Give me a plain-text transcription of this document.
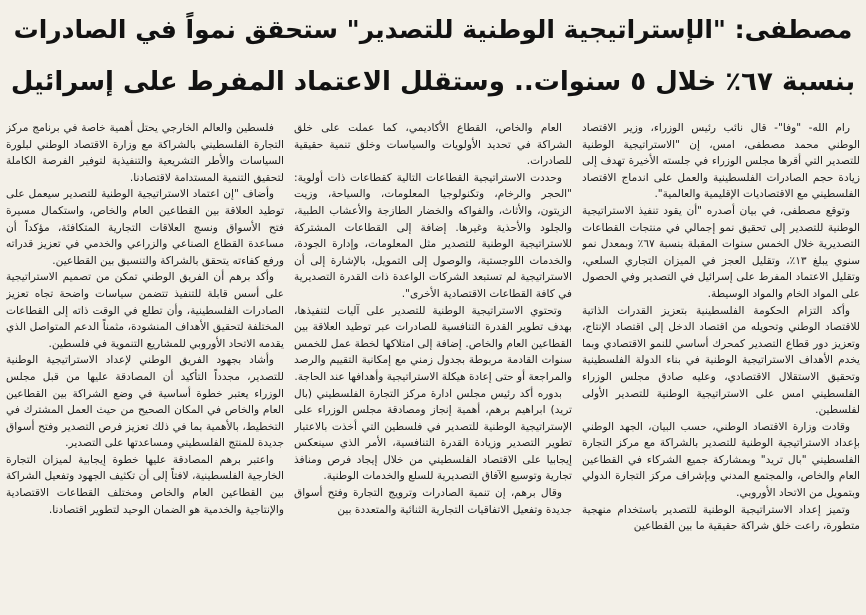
مصطفى: "الإستراتيجية الوطنية للتصدير" ستحقق نمواً في الصادرات
بنسبة ٦٧٪ خلال ٥ سنوات.. وستقلل الاعتماد المفرط على إسرائيل

رام الله- "وفا"- قال نائب رئيس الوزراء، وزير الاقتصاد الوطني محمد مصطفى، امس، إن "الاستراتيجية الوطنية للتصدير التي أقرها مجلس الوزراء في جلسته الأخيرة تهدف إلى زيادة حجم الصادرات الفلسطينية والعمل على اندماج الاقتصاد الفلسطيني مع الاقتصاديات الإقليمية والعالمية".

وتوقع مصطفى، في بيان أصدره "أن يقود تنفيذ الاستراتيجية الوطنية للتصدير إلى تحقيق نمو إجمالي في منتجات القطاعات التصديرية خلال الخمس سنوات المقبلة بنسبة ٦٧٪ وبمعدل نمو سنوي يبلغ ١٣٪، وتقليل العجز في الميزان التجاري السلعي، وتقليل الاعتماد المفرط على إسرائيل في التصدير وفي الحصول على المواد الخام والمواد الوسيطة.

وأكد التزام الحكومة الفلسطينية بتعزيز القدرات الذاتية للاقتصاد الوطني وتحويله من اقتصاد الدخل إلى اقتصاد الإنتاج، وتعزيز دور قطاع التصدير كمحرك أساسي للنمو الاقتصادي وبما يخدم الأهداف الاستراتيجية الوطنية في بناء الدولة الفلسطينية وتحقيق الاستقلال الاقتصادي، وعليه صادق مجلس الوزراء الفلسطيني امس على الاستراتيجية الوطنية للتصدير الأولى لفلسطين.

وقادت وزارة الاقتصاد الوطني، حسب البيان، الجهد الوطني بإعداد الاستراتيجية الوطنية للتصدير بالشراكة مع مركز التجارة الفلسطيني "بال تريد" وبمشاركة جميع الشركاء في القطاعين العام والخاص، والمجتمع المدني وبإشراف مركز التجارة الدولي وبتمويل من الاتحاد الأوروبي.

وتميز إعداد الاستراتيجية الوطنية للتصدير باستخدام منهجية متطورة، راعت خلق شراكة حقيقية ما بين القطاعين

العام والخاص، القطاع الأكاديمي، كما عملت على خلق الشراكة في تحديد الأولويات والسياسات وخلق تنمية حقيقية للصادرات.

وحددت الاستراتيجية القطاعات التالية كقطاعات ذات أولوية: "الحجر والرخام، وتكنولوجيا المعلومات، والسياحة، وزيت الزيتون، والأثاث، والفواكه والخضار الطازجة والأعشاب الطبية، والجلود والأحذية وغيرها. إضافة إلى القطاعات المشتركة للاستراتيجية الوطنية للتصدير مثل المعلومات، وإدارة الجودة، والخدمات اللوجستية، والوصول إلى التمويل، بالإشارة إلى أن الاستراتيجية لم تستبعد الشركات الواعدة ذات القدرة التصديرية في كافة القطاعات الاقتصادية الأخرى".

وتحتوي الاستراتيجية الوطنية للتصدير على آليات لتنفيذها، بهدف تطوير القدرة التنافسية للصادرات عبر توطيد العلاقة بين القطاعين العام والخاص. إضافة إلى امتلاكها لخطة عمل للخمس سنوات القادمة مربوطة بجدول زمني مع إمكانية التقييم والرصد والمراجعة أو حتى إعادة هيكلة الاستراتيجية وأهدافها عند الحاجة.

بدوره أكد رئيس مجلس ادارة مركز التجارة الفلسطيني (بال تريد) ابراهيم برهم، أهمية إنجاز ومصادقة مجلس الوزراء على الإستراتيجية الوطنية للتصدير في فلسطين التي أخذت بالاعتبار تطوير التصدير وزيادة القدرة التنافسية، الأمر الذي سينعكس إيجابيا على الاقتصاد الفلسطيني من خلال إيجاد فرص ومنافذ تجارية وتوسيع الآفاق التصديرية للسلع والخدمات الوطنية.

وقال برهم، إن تنمية الصادرات وترويج التجارة وفتح أسواق جديدة وتفعيل الاتفاقيات التجارية الثنائية والمتعددة بين

فلسطين والعالم الخارجي يحتل أهمية خاصة في برنامج مركز التجارة الفلسطيني بالشراكة مع وزارة الاقتصاد الوطني لبلورة السياسات والأطر التشريعية والتنفيذية لتوفير الفرصة الكاملة لتحقيق التنمية المستدامة لاقتصادنا.

وأضاف "إن اعتماد الاستراتيجية الوطنية للتصدير سيعمل على توطيد العلاقة بين القطاعين العام والخاص، واستكمال مسيرة فتح الأسواق ونسج العلاقات التجارية المتكافئة، مؤكداً أن مساعدة القطاع الصناعي والزراعي والخدمي في تعزيز قدراته ورفع كفاءته يتحقق بالشراكة والتنسيق بين القطاعين.

وأكد برهم أن الفريق الوطني تمكن من تصميم الاستراتيجية على أسس قابلة للتنفيذ تتضمن سياسات واضحة تجاه تعزيز الصادرات الفلسطينية، وأن تطلع في الوقت ذاته إلى القطاعات المختلفة لتحقيق الأهداف المنشودة، مثمناً الدعم المتواصل الذي يقدمه الاتحاد الأوروبي للمشاريع التنموية في فلسطين.

وأشاد بجهود الفريق الوطني لإعداد الاستراتيجية الوطنية للتصدير، مجدداً التأكيد أن المصادقة عليها من قبل مجلس الوزراء يعتبر خطوة أساسية في وضع الشراكة بين القطاعين العام والخاص في المكان الصحيح من حيث العمل المشترك في التخطيط، بالأهمية بما في ذلك تعزيز فرص التصدير وفتح أسواق جديدة للمنتج الفلسطيني ومساعدتها على التصدير.

واعتبر برهم المصادقة عليها خطوة إيجابية لميزان التجارة الخارجية الفلسطينية، لافتاً إلى أن تكثيف الجهود وتفعيل الشراكة بين القطاعين العام والخاص ومختلف القطاعات الاقتصادية والإنتاجية والخدمية هو الضمان الوحيد لتطوير اقتصادنا.
